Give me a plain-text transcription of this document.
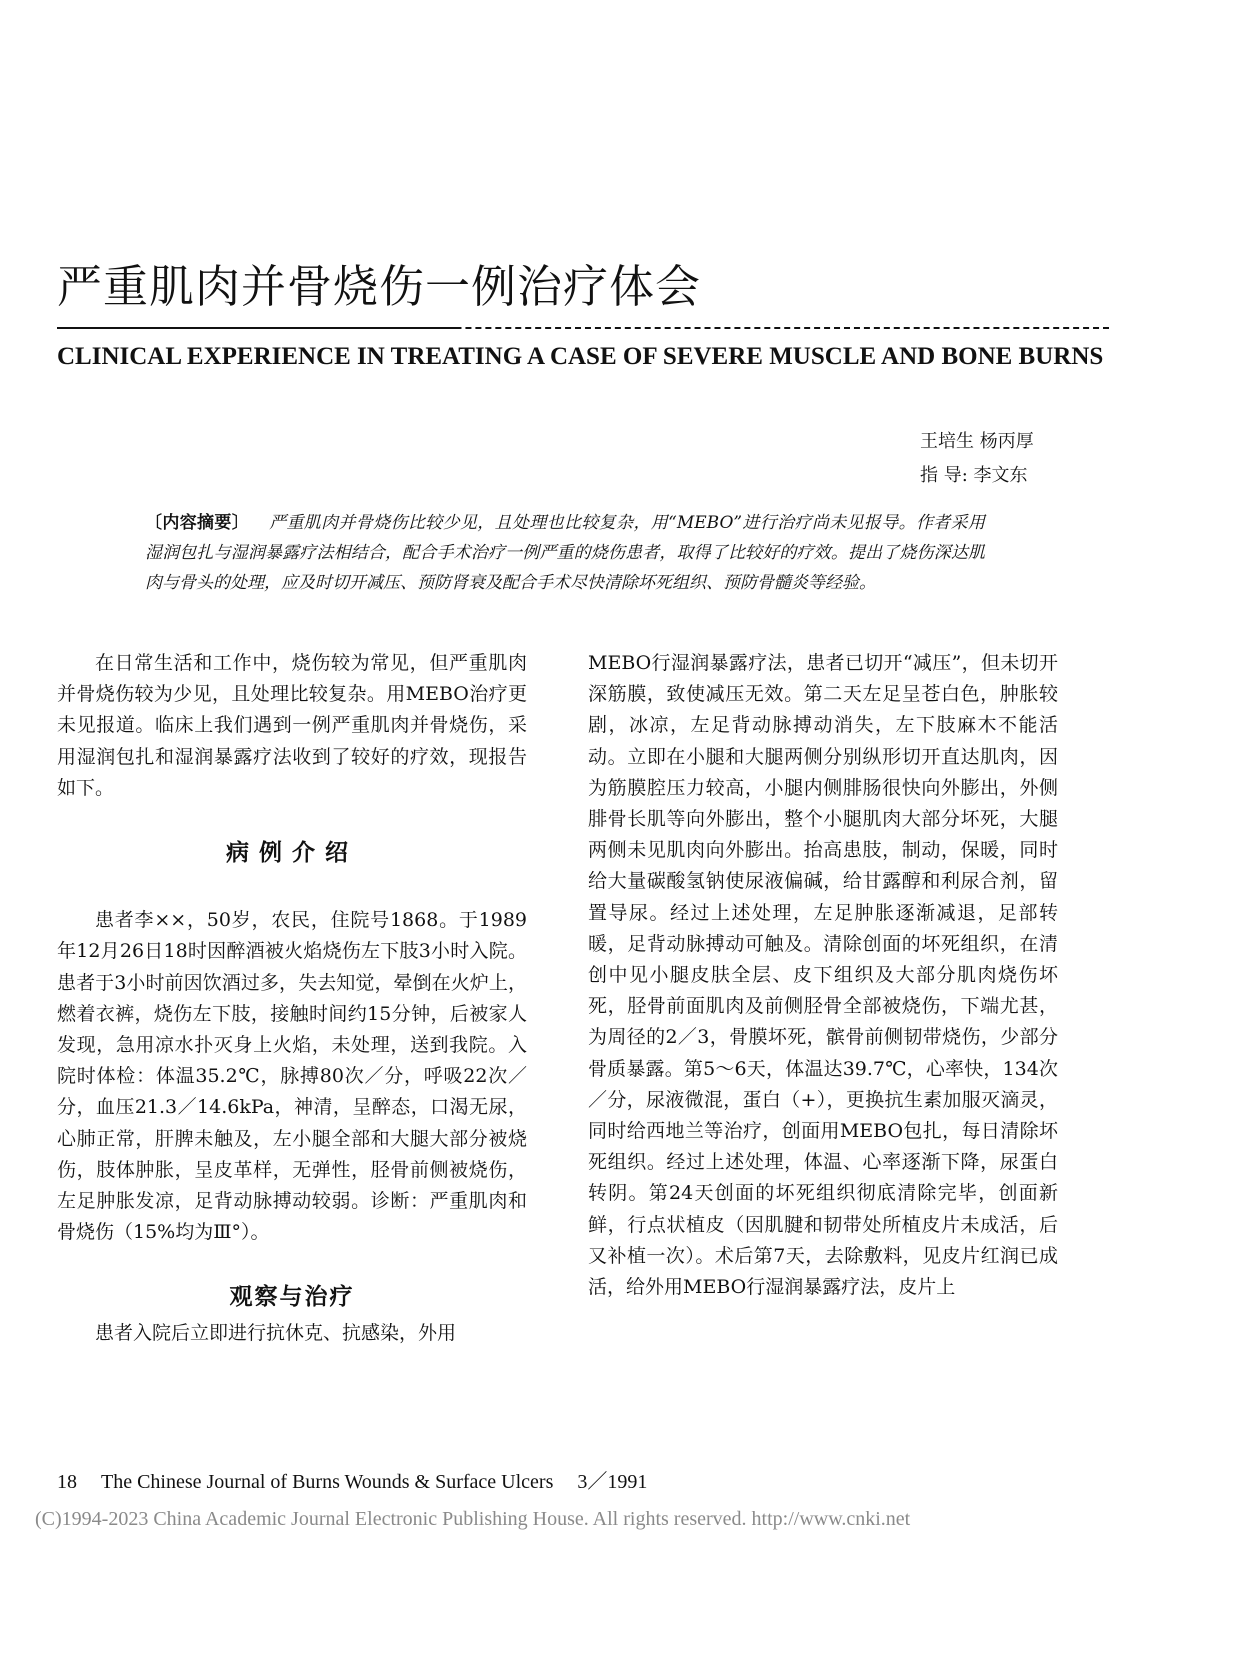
严重肌肉并骨烧伤一例治疗体会
CLINICAL EXPERIENCE IN TREATING A CASE OF SEVERE MUSCLE AND BONE BURNS
王培生 杨丙厚
指 导: 李文东
〔内容摘要〕 严重肌肉并骨烧伤比较少见，且处理也比较复杂，用“MEBO”进行治疗尚未见报导。作者采用湿润包扎与湿润暴露疗法相结合，配合手术治疗一例严重的烧伤患者，取得了比较好的疗效。提出了烧伤深达肌肉与骨头的处理，应及时切开减压、预防肾衰及配合手术尽快清除坏死组织、预防骨髓炎等经验。

在日常生活和工作中，烧伤较为常见，但严重肌肉并骨烧伤较为少见，且处理比较复杂。用MEBO治疗更未见报道。临床上我们遇到一例严重肌肉并骨烧伤，采用湿润包扎和湿润暴露疗法收到了较好的疗效，现报告如下。

病例介绍

患者李××，50岁，农民，住院号1868。于1989年12月26日18时因醉酒被火焰烧伤左下肢3小时入院。患者于3小时前因饮酒过多，失去知觉，晕倒在火炉上，燃着衣裤，烧伤左下肢，接触时间约15分钟，后被家人发现，急用凉水扑灭身上火焰，未处理，送到我院。入院时体检：体温35.2℃，脉搏80次／分，呼吸22次／分，血压21.3／14.6kPa，神清，呈醉态，口渴无尿，心肺正常，肝脾未触及，左小腿全部和大腿大部分被烧伤，肢体肿胀，呈皮革样，无弹性，胫骨前侧被烧伤，左足肿胀发凉，足背动脉搏动较弱。诊断：严重肌肉和骨烧伤（15%均为Ⅲ°）。

观察与治疗

患者入院后立即进行抗休克、抗感染，外用

MEBO行湿润暴露疗法，患者已切开“减压”，但未切开深筋膜，致使减压无效。第二天左足呈苍白色，肿胀较剧，冰凉，左足背动脉搏动消失，左下肢麻木不能活动。立即在小腿和大腿两侧分别纵形切开直达肌肉，因为筋膜腔压力较高，小腿内侧腓肠很快向外膨出，外侧腓骨长肌等向外膨出，整个小腿肌肉大部分坏死，大腿两侧未见肌肉向外膨出。抬高患肢，制动，保暖，同时给大量碳酸氢钠使尿液偏碱，给甘露醇和利尿合剂，留置导尿。经过上述处理，左足肿胀逐渐减退，足部转暖，足背动脉搏动可触及。清除创面的坏死组织，在清创中见小腿皮肤全层、皮下组织及大部分肌肉烧伤坏死，胫骨前面肌肉及前侧胫骨全部被烧伤，下端尤甚，为周径的2／3，骨膜坏死，髌骨前侧韧带烧伤，少部分骨质暴露。第5～6天，体温达39.7℃，心率快，134次／分，尿液微混，蛋白（+），更换抗生素加服灭滴灵，同时给西地兰等治疗，创面用MEBO包扎，每日清除坏死组织。经过上述处理，体温、心率逐渐下降，尿蛋白转阴。第24天创面的坏死组织彻底清除完毕，创面新鲜，行点状植皮（因肌腱和韧带处所植皮片未成活，后又补植一次）。术后第7天，去除敷料，见皮片红润已成活，给外用MEBO行湿润暴露疗法，皮片上

18 The Chinese Journal of Burns Wounds & Surface Ulcers 3／1991
(C)1994-2023 China Academic Journal Electronic Publishing House. All rights reserved. http://www.cnki.net
